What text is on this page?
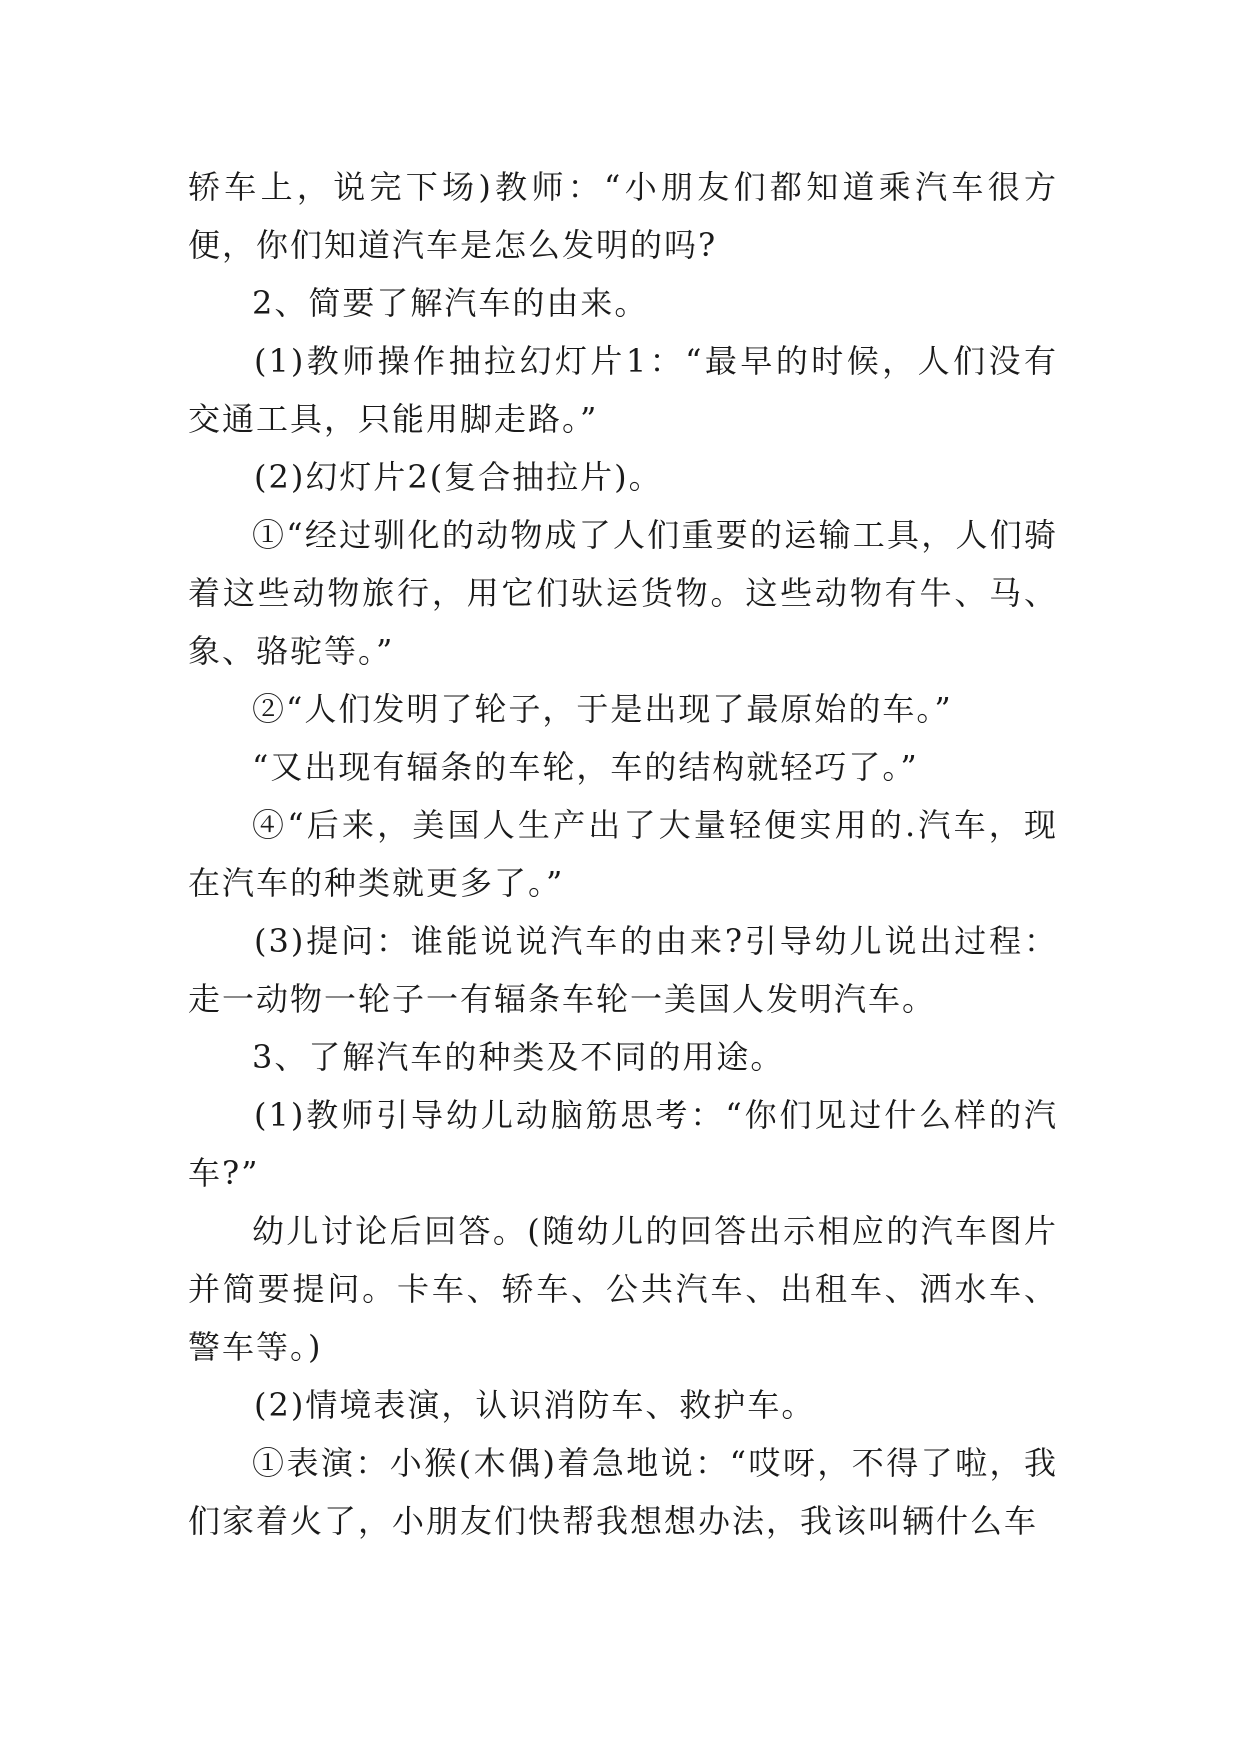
轿车上，说完下场)教师：“小朋友们都知道乘汽车很方便，你们知道汽车是怎么发明的吗?

2、简要了解汽车的由来。

(1)教师操作抽拉幻灯片1：“最早的时候，人们没有交通工具，只能用脚走路。”

(2)幻灯片2(复合抽拉片)。

①“经过驯化的动物成了人们重要的运输工具，人们骑着这些动物旅行，用它们驮运货物。这些动物有牛、马、象、骆驼等。”

②“人们发明了轮子，于是出现了最原始的车。”

“又出现有辐条的车轮，车的结构就轻巧了。”

④“后来，美国人生产出了大量轻便实用的.汽车，现在汽车的种类就更多了。”

(3)提问：谁能说说汽车的由来?引导幼儿说出过程：走一动物一轮子一有辐条车轮一美国人发明汽车。

3、了解汽车的种类及不同的用途。

(1)教师引导幼儿动脑筋思考：“你们见过什么样的汽车?”

幼儿讨论后回答。(随幼儿的回答出示相应的汽车图片并简要提问。卡车、轿车、公共汽车、出租车、洒水车、警车等。)

(2)情境表演，认识消防车、救护车。

①表演：小猴(木偶)着急地说：“哎呀，不得了啦，我们家着火了，小朋友们快帮我想想办法，我该叫辆什么车
